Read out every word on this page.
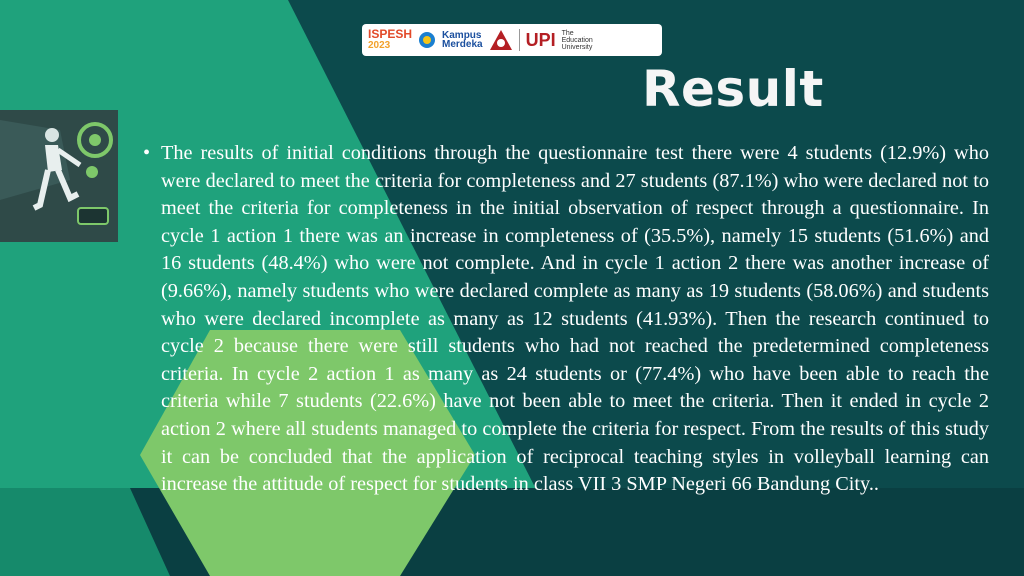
ISPESH
2023
Kampus
Merdeka UPI The
Education
University
Result
• The results of initial conditions through the questionnaire test there were 4 students (12.9%) who were declared to meet the criteria for completeness and 27 students (87.1%) who were declared not to meet the criteria for completeness in the initial observation of respect through a questionnaire. In cycle 1 action 1 there was an increase in completeness of (35.5%), namely 15 students (51.6%) and 16 students (48.4%) who were not complete. And in cycle 1 action 2 there was another increase of (9.66%), namely students who were declared complete as many as 19 students (58.06%) and students who were declared incomplete as many as 12 students (41.93%). Then the research continued to cycle 2 because there were still students who had not reached the predetermined completeness criteria. In cycle 2 action 1 as many as 24 students or (77.4%) who have been able to reach the criteria while 7 students (22.6%) have not been able to meet the criteria. Then it ended in cycle 2 action 2 where all students managed to complete the criteria for respect. From the results of this study it can be concluded that the application of reciprocal teaching styles in volleyball learning can increase the attitude of respect for students in class VII 3 SMP Negeri 66 Bandung City..
